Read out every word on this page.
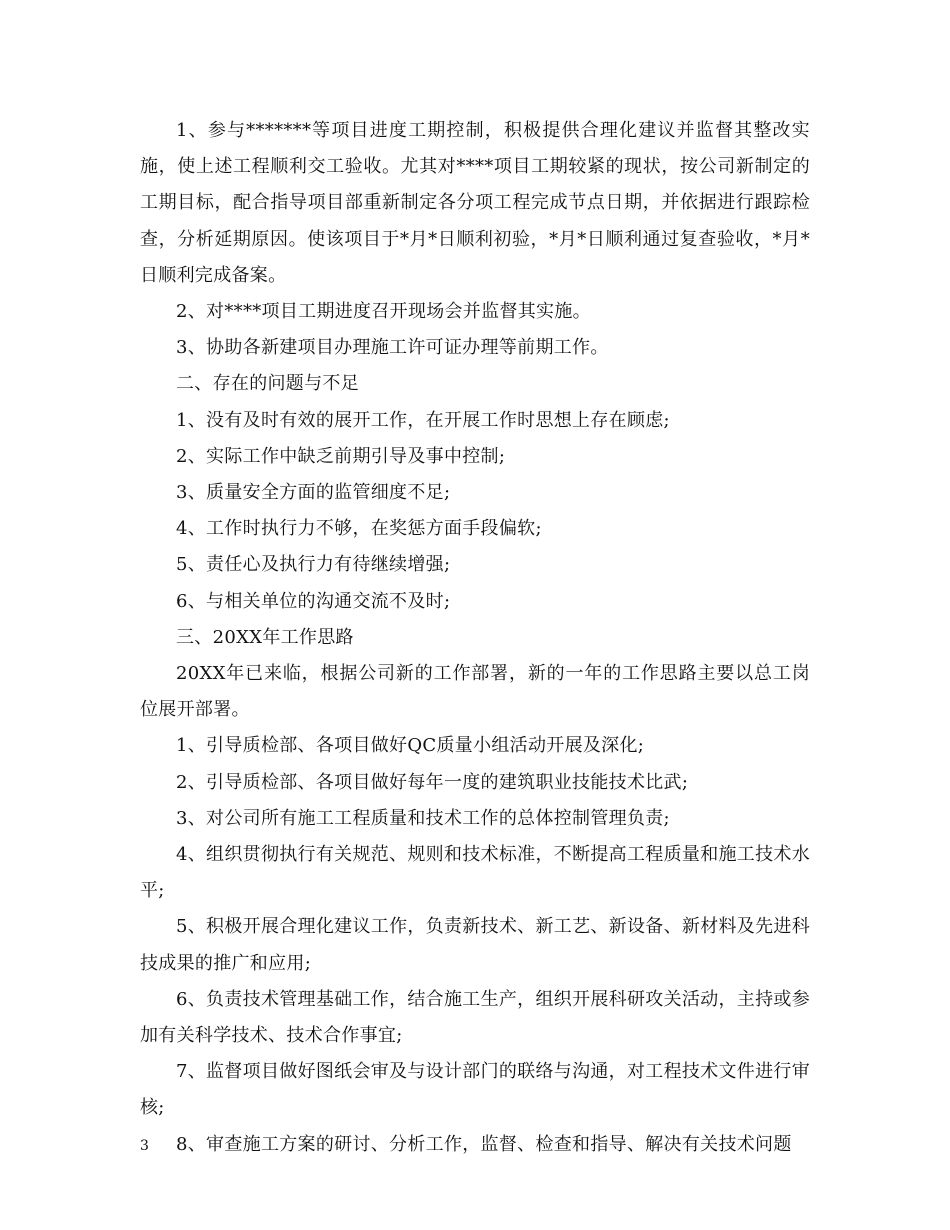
1、参与*******等项目进度工期控制，积极提供合理化建议并监督其整改实施，使上述工程顺利交工验收。尤其对****项目工期较紧的现状，按公司新制定的工期目标，配合指导项目部重新制定各分项工程完成节点日期，并依据进行跟踪检查，分析延期原因。使该项目于*月*日顺利初验，*月*日顺利通过复查验收，*月*日顺利完成备案。

2、对****项目工期进度召开现场会并监督其实施。

3、协助各新建项目办理施工许可证办理等前期工作。

二、存在的问题与不足

1、没有及时有效的展开工作，在开展工作时思想上存在顾虑;

2、实际工作中缺乏前期引导及事中控制;

3、质量安全方面的监管细度不足;

4、工作时执行力不够，在奖惩方面手段偏软;

5、责任心及执行力有待继续增强;

6、与相关单位的沟通交流不及时;

三、20XX年工作思路

20XX年已来临，根据公司新的工作部署，新的一年的工作思路主要以总工岗位展开部署。

1、引导质检部、各项目做好QC质量小组活动开展及深化;

2、引导质检部、各项目做好每年一度的建筑职业技能技术比武;

3、对公司所有施工工程质量和技术工作的总体控制管理负责;

4、组织贯彻执行有关规范、规则和技术标准，不断提高工程质量和施工技术水平;

5、积极开展合理化建议工作，负责新技术、新工艺、新设备、新材料及先进科技成果的推广和应用;

6、负责技术管理基础工作，结合施工生产，组织开展科研攻关活动，主持或参加有关科学技术、技术合作事宜;

7、监督项目做好图纸会审及与设计部门的联络与沟通，对工程技术文件进行审核;

8、审查施工方案的研讨、分析工作，监督、检查和指导、解决有关技术问题

3
